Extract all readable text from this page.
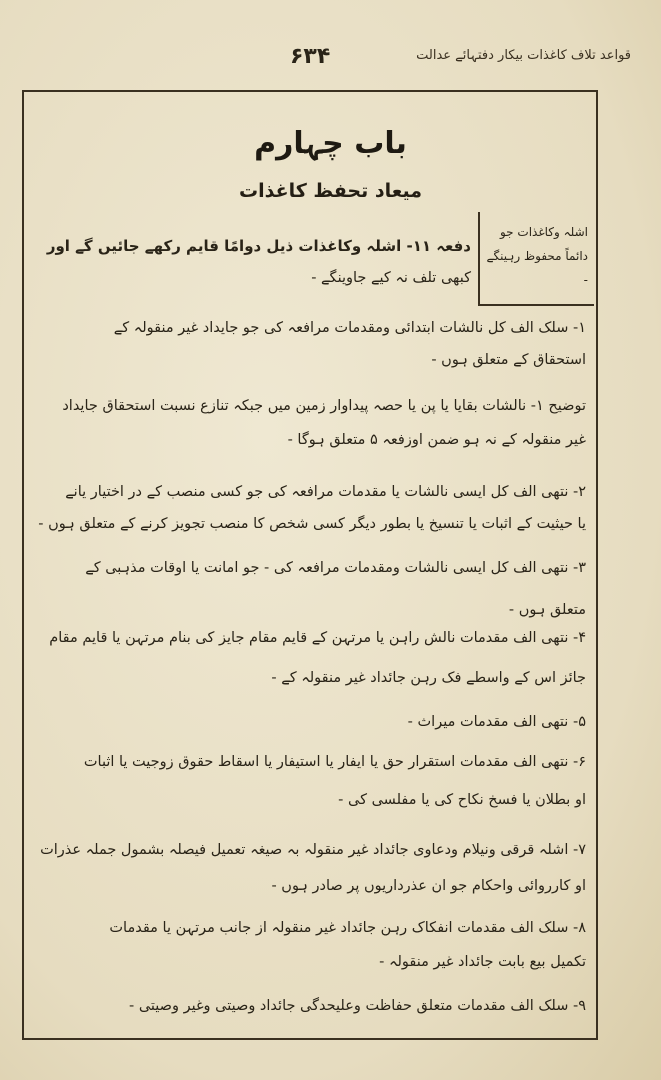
قواعد تلاف کاغذات بیکار دفتہائے عدالت
۶۳۴
باب چہارم
میعاد تحفظ کاغذات
اشلہ وکاغذات جو دائماً محفوظ رہینگے -
دفعہ ۱۱- اشلہ وکاغذات ذیل دوامًا قایم رکھے جائیں گے اور
کبھی تلف نہ کیے جاوینگے -
۱- سلک الف کل نالشات ابتدائی ومقدمات مرافعہ کی جو جایداد غیر منقولہ کے
استحقاق کے متعلق ہوں -
توضیح ۱- نالشات بقایا یا پن یا حصہ پیداوار زمین میں جبکہ تنازع نسبت استحقاق جایداد
غیر منقولہ کے نہ ہو ضمن اوزفعہ ۵ متعلق ہوگا -
۲- نتھی الف کل ایسی نالشات یا مقدمات مرافعہ کی جو کسی منصب کے در اختیار یانے
یا حیثیت کے اثبات یا تنسیخ یا بطور دیگر کسی شخص کا منصب تجویز کرنے کے متعلق ہوں -
۳- نتھی الف کل ایسی نالشات ومقدمات مرافعہ کی - جو امانت یا اوقات مذہبی کے
متعلق ہوں -
۴- نتھی الف مقدمات نالش راہن یا مرتہن کے قایم مقام جایز کی بنام مرتہن یا قایم مقام
جائز اس کے واسطے فک رہن جائداد غیر منقولہ کے -
۵- نتھی الف مقدمات میراث -
۶- نتھی الف مقدمات استقرار حق یا ایفار یا استیفار یا اسقاط حقوق زوجیت یا اثبات
او بطلان یا فسخ نکاح کی یا مفلسی کی -
۷- اشلہ قرقی ونیلام ودعاوی جائداد غیر منقولہ بہ صیغہ تعمیل فیصلہ بشمول جملہ عذرات
او کارروائی واحکام جو ان عذرداریوں پر صادر ہوں -
۸- سلک الف مقدمات انفکاک رہن جائداد غیر منقولہ از جانب مرتہن یا مقدمات
تکمیل بیع بابت جائداد غیر منقولہ -
۹- سلک الف مقدمات متعلق حفاظت وعلیحدگی جائداد وصیتی وغیر وصیتی -
